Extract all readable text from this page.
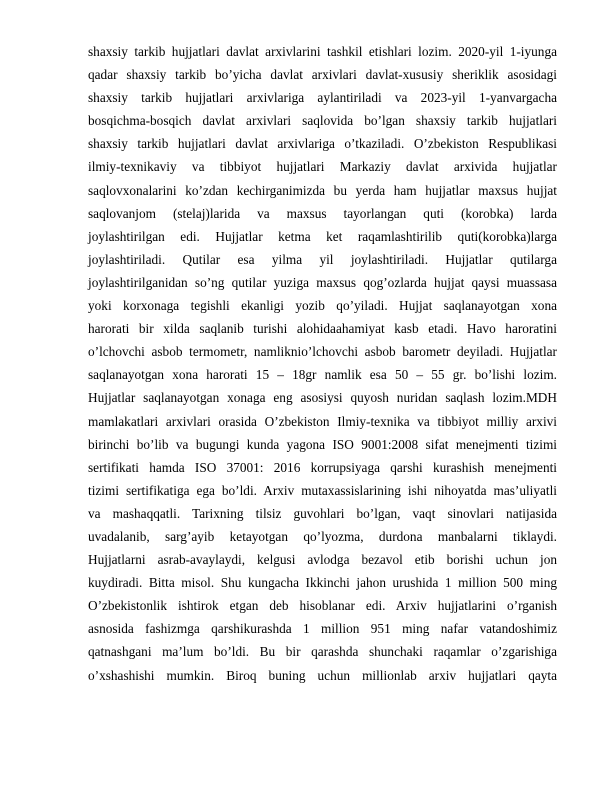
shaxsiy tarkib hujjatlari davlat arxivlarini tashkil etishlari lozim. 2020-yil 1-iyunga
qadar shaxsiy tarkib bo’yicha davlat arxivlari davlat-xususiy sheriklik asosidagi
shaxsiy tarkib hujjatlari arxivlariga aylantiriladi va 2023-yil 1-yanvargacha
bosqichma-bosqich davlat arxivlari saqlovida bo’lgan shaxsiy tarkib hujjatlari
shaxsiy tarkib hujjatlari davlat arxivlariga o’tkaziladi. O’zbekiston Respublikasi
ilmiy-texnikaviy va tibbiyot hujjatlari Markaziy davlat arxivida hujjatlar
saqlovxonalarini ko’zdan kechirganimizda bu yerda ham hujjatlar maxsus hujjat
saqlovanjom (stelaj)larida va maxsus tayorlangan quti (korobka) larda
joylashtirilgan edi. Hujjatlar ketma ket raqamlashtirilib quti(korobka)larga
joylashtiriladi. Qutilar esa yilma yil joylashtiriladi. Hujjatlar qutilarga
joylashtirilganidan so’ng qutilar yuziga maxsus qog’ozlarda hujjat qaysi muassasa
yoki korxonaga tegishli ekanligi yozib qo’yiladi. Hujjat saqlanayotgan xona
harorati bir xilda saqlanib turishi alohidaahamiyat kasb etadi. Havo haroratini
o’lchovchi asbob termometr, namliknio’lchovchi asbob barometr deyiladi. Hujjatlar
saqlanayotgan xona harorati 15 – 18gr namlik esa 50 – 55 gr. bo’lishi lozim.
Hujjatlar saqlanayotgan xonaga eng asosiysi quyosh nuridan saqlash lozim.MDH
mamlakatlari arxivlari orasida O’zbekiston Ilmiy-texnika va tibbiyot milliy arxivi
birinchi bo’lib va bugungi kunda yagona ISO 9001:2008 sifat menejmenti tizimi
sertifikati hamda ISO 37001: 2016 korrupsiyaga qarshi kurashish menejmenti
tizimi sertifikatiga ega bo’ldi. Arxiv mutaxassislarining ishi nihoyatda mas’uliyatli
va mashaqqatli. Tarixning tilsiz guvohlari bo’lgan, vaqt sinovlari natijasida
uvadalanib, sarg’ayib ketayotgan qo’lyozma, durdona manbalarni tiklaydi.
Hujjatlarni asrab-avaylaydi, kelgusi avlodga bezavol etib borishi uchun jon
kuydiradi. Bitta misol. Shu kungacha Ikkinchi jahon urushida 1 million 500 ming
O’zbekistonlik ishtirok etgan deb hisoblanar edi. Arxiv hujjatlarini o’rganish
asnosida fashizmga qarshikurashda 1 million 951 ming nafar vatandoshimiz
qatnashgani ma’lum bo’ldi. Bu bir qarashda shunchaki raqamlar o’zgarishiga
o’xshashishi mumkin. Biroq buning uchun millionlab arxiv hujjatlari qayta
